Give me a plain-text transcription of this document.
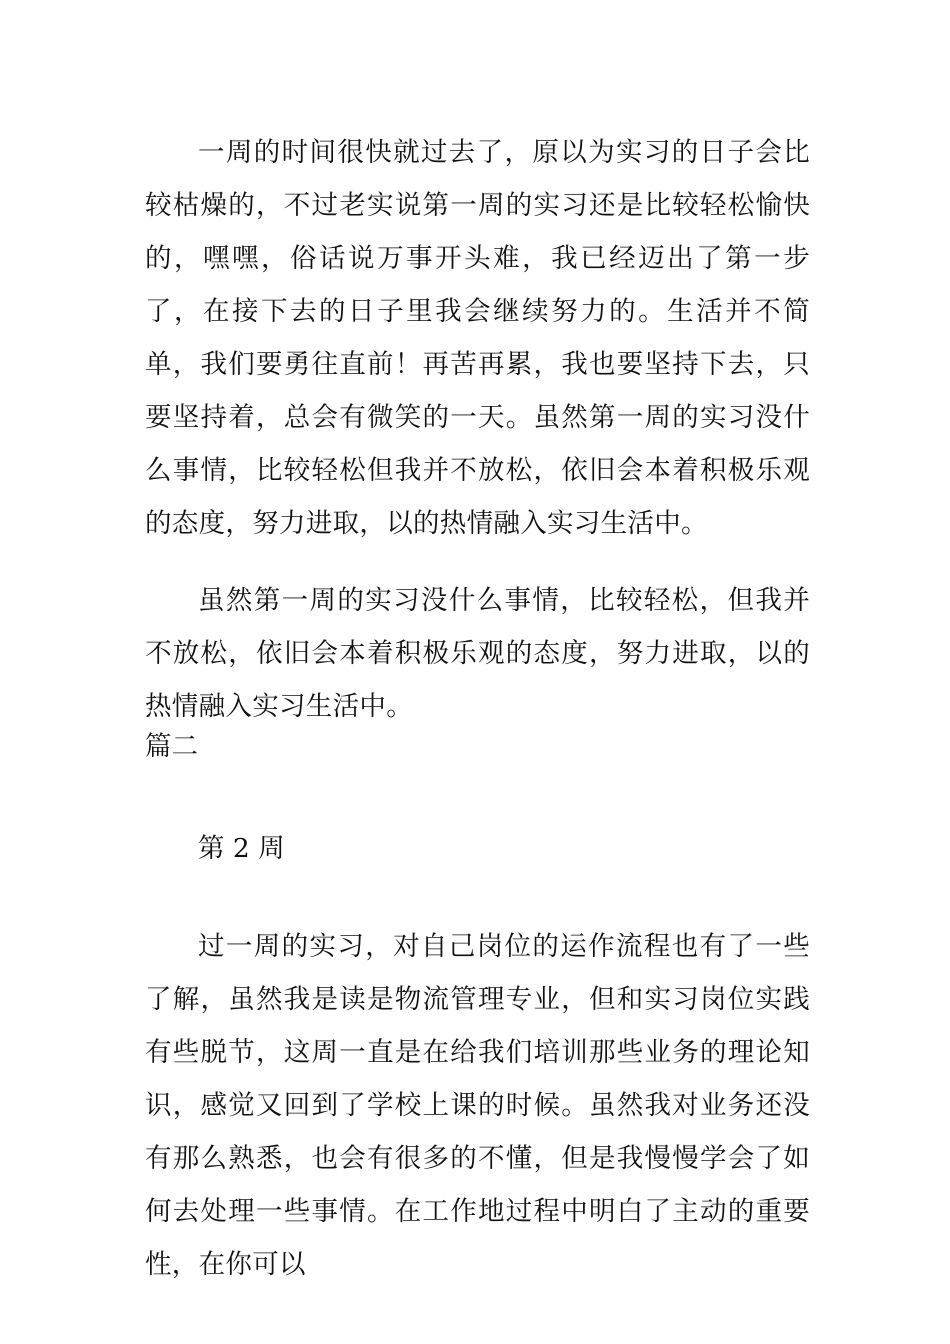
一周的时间很快就过去了，原以为实习的日子会比较枯燥的，不过老实说第一周的实习还是比较轻松愉快的，嘿嘿，俗话说万事开头难，我已经迈出了第一步了，在接下去的日子里我会继续努力的。生活并不简单，我们要勇往直前！再苦再累，我也要坚持下去，只要坚持着，总会有微笑的一天。虽然第一周的实习没什么事情，比较轻松但我并不放松，依旧会本着积极乐观的态度，努力进取，以的热情融入实习生活中。

虽然第一周的实习没什么事情，比较轻松，但我并不放松，依旧会本着积极乐观的态度，努力进取，以的热情融入实习生活中。

篇二

第 2 周

过一周的实习，对自己岗位的运作流程也有了一些了解，虽然我是读是物流管理专业，但和实习岗位实践有些脱节，这周一直是在给我们培训那些业务的理论知识，感觉又回到了学校上课的时候。虽然我对业务还没有那么熟悉，也会有很多的不懂，但是我慢慢学会了如何去处理一些事情。在工作地过程中明白了主动的重要性，在你可以
